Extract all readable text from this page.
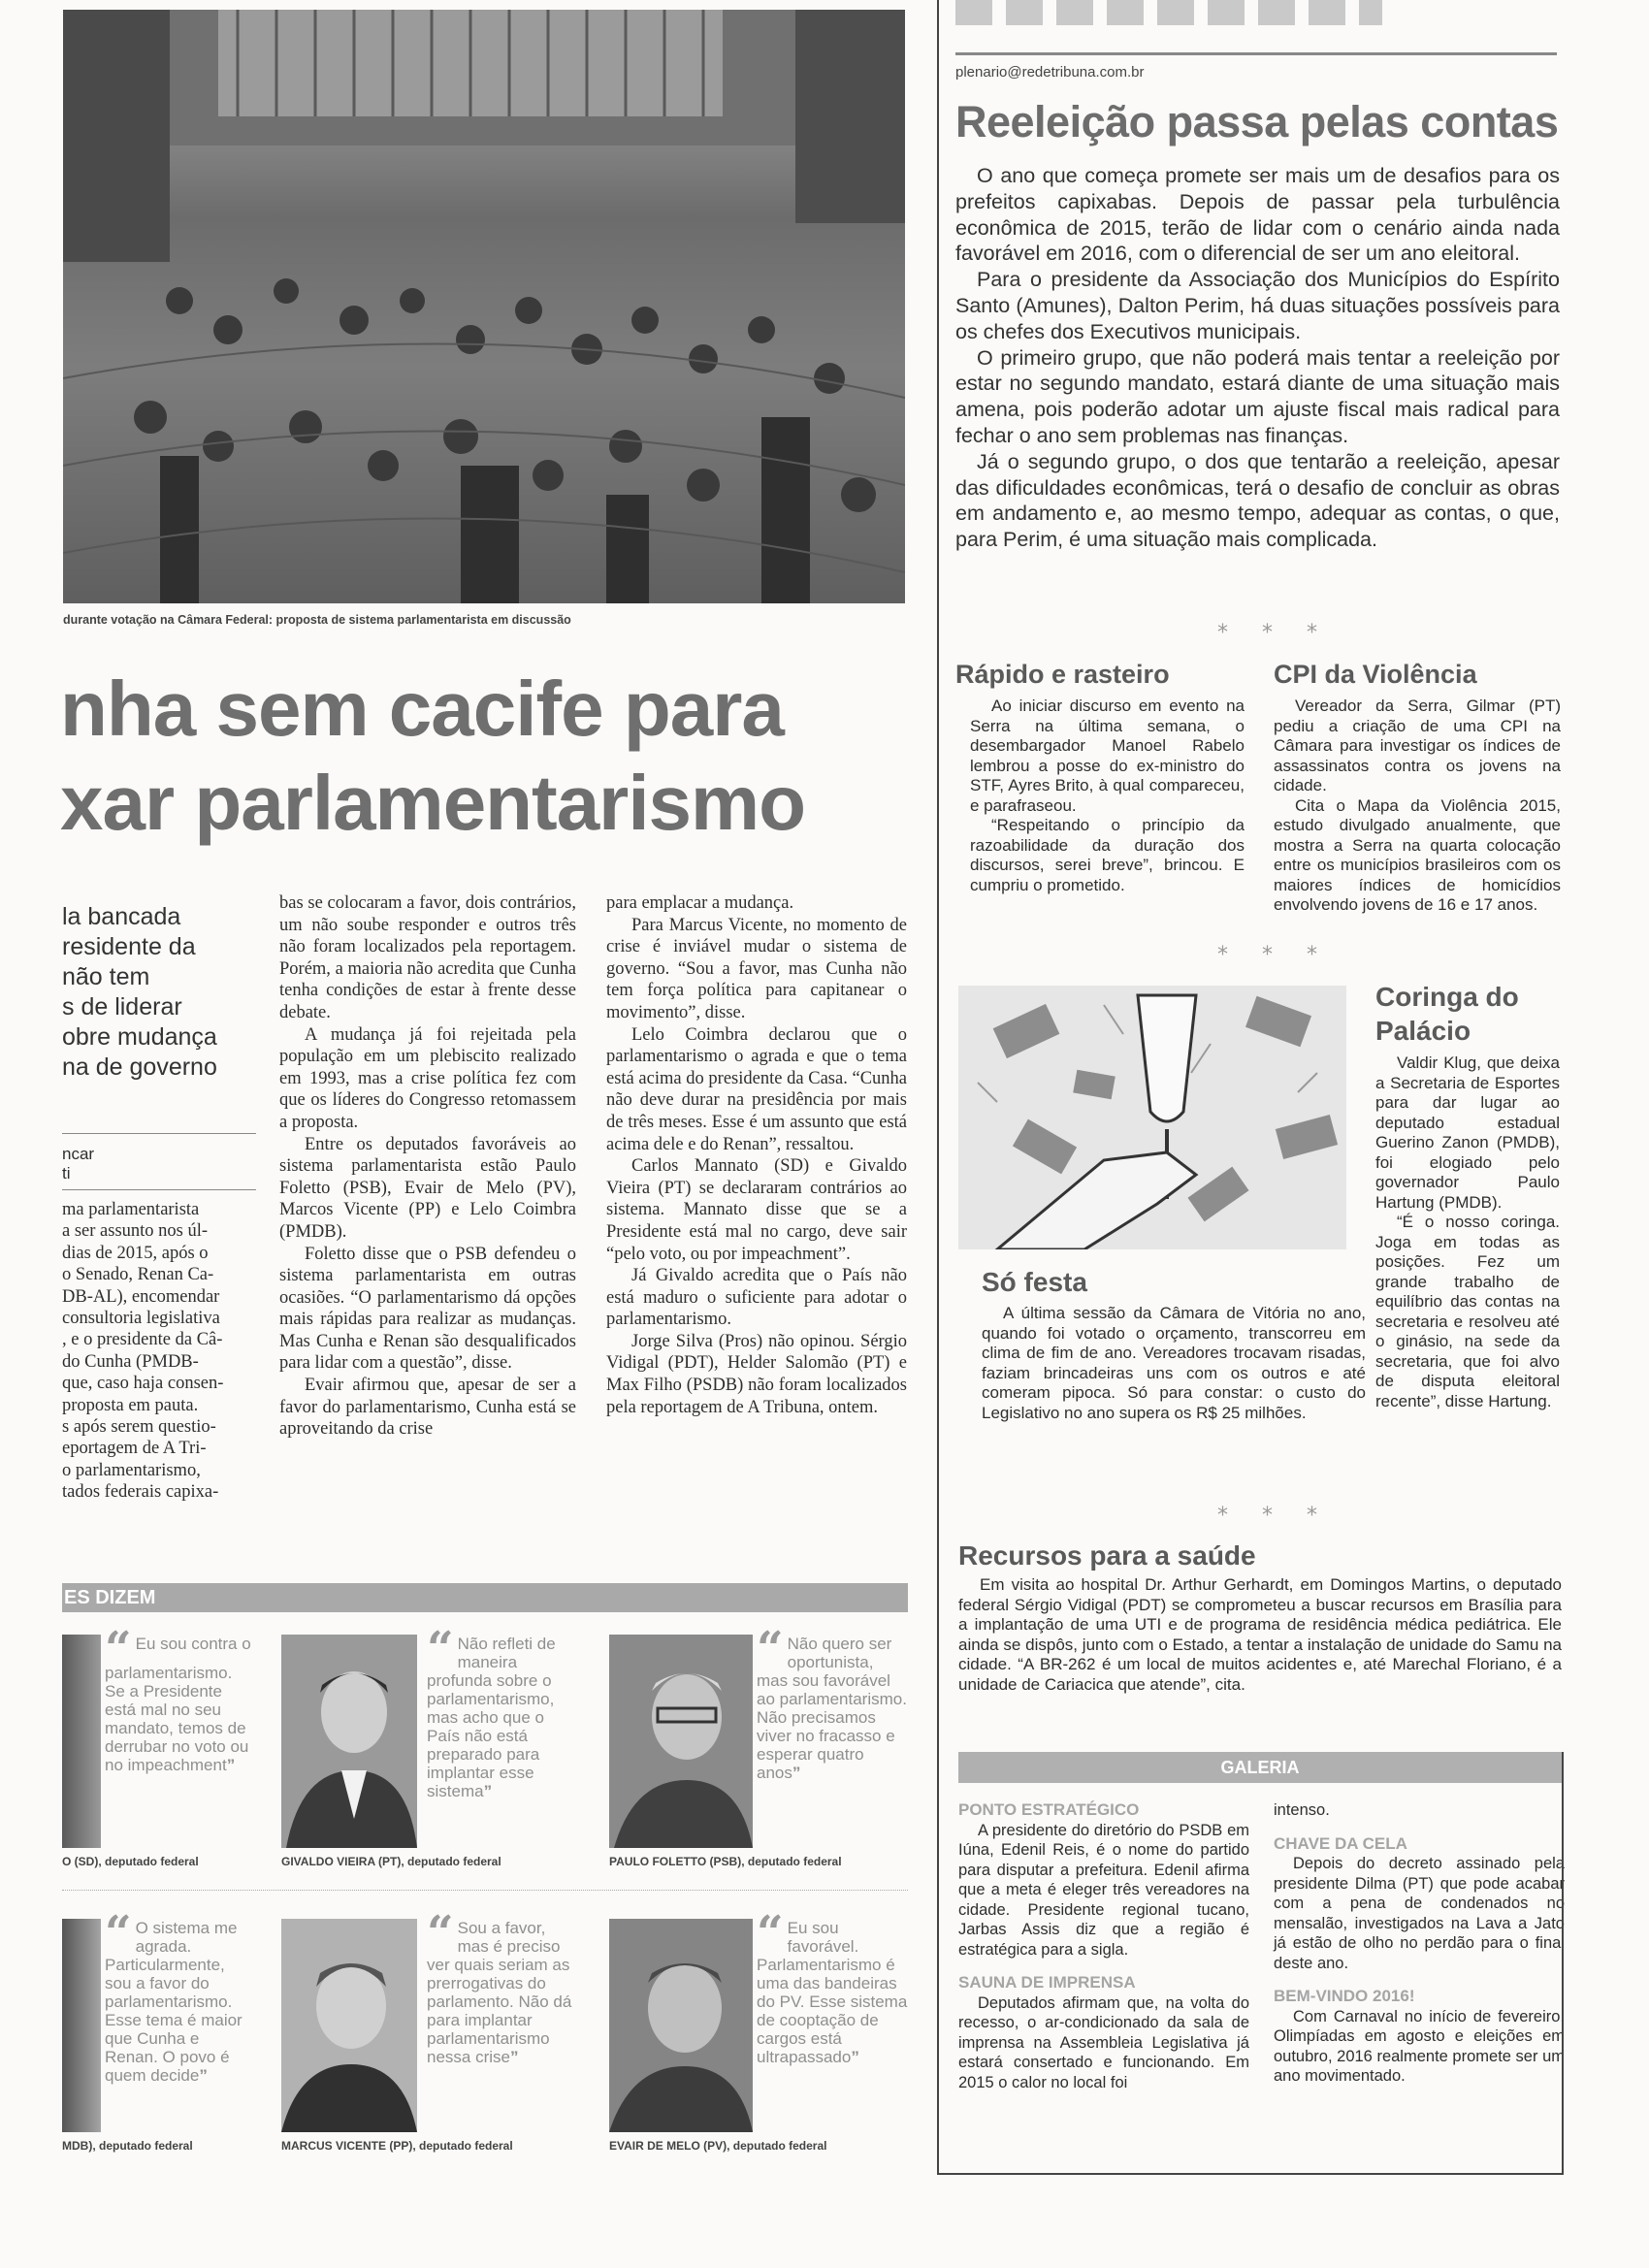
durante votação na Câmara Federal: proposta de sistema parlamentarista em discussão
nha sem cacife para
xar parlamentarismo
la bancada
residente da
não tem
s de liderar
obre mudança
na de governo
ncar
ti
ma parlamentarista
a ser assunto nos úl-
dias de 2015, após o
o Senado, Renan Ca-
DB-AL), encomendar
consultoria legislativa
, e o presidente da Câ-
do Cunha (PMDB-
que, caso haja consen-
proposta em pauta.
s após serem questio-
eportagem de A Tri-
o parlamentarismo,
tados federais capixa-

bas se colocaram a favor, dois contrários, um não soube responder e outros três não foram localizados pela reportagem. Porém, a maioria não acredita que Cunha tenha condições de estar à frente desse debate.

A mudança já foi rejeitada pela população em um plebiscito realizado em 1993, mas a crise política fez com que os líderes do Congresso retomassem a proposta.

Entre os deputados favoráveis ao sistema parlamentarista estão Paulo Foletto (PSB), Evair de Melo (PV), Marcos Vicente (PP) e Lelo Coimbra (PMDB).

Foletto disse que o PSB defendeu o sistema parlamentarista em outras ocasiões. “O parlamentarismo dá opções mais rápidas para realizar as mudanças. Mas Cunha e Renan são desqualificados para lidar com a questão”, disse.

Evair afirmou que, apesar de ser a favor do parlamentarismo, Cunha está se aproveitando da crise

para emplacar a mudança.

Para Marcus Vicente, no momento de crise é inviável mudar o sistema de governo. “Sou a favor, mas Cunha não tem força política para capitanear o movimento”, disse.

Lelo Coimbra declarou que o parlamentarismo o agrada e que o tema está acima do presidente da Casa. “Cunha não deve durar na presidência por mais de três meses. Esse é um assunto que está acima dele e do Renan”, ressaltou.

Carlos Mannato (SD) e Givaldo Vieira (PT) se declararam contrários ao sistema. Mannato disse que se a Presidente está mal no cargo, deve sair “pelo voto, ou por impeachment”.

Já Givaldo acredita que o País não está maduro o suficiente para adotar o parlamentarismo.

Jorge Silva (Pros) não opinou. Sérgio Vidigal (PDT), Helder Salomão (PT) e Max Filho (PSDB) não foram localizados pela reportagem de A Tribuna, ontem.

ES DIZEM
“ Eu sou contra o parlamentarismo. Se a Presidente está mal no seu mandato, temos de derrubar no voto ou no impeachment”
O (SD), deputado federal
“ Não refleti de maneira profunda sobre o parlamentarismo, mas acho que o País não está preparado para implantar esse sistema”
GIVALDO VIEIRA (PT), deputado federal
“ Não quero ser oportunista, mas sou favorável ao parlamentarismo. Não precisamos viver no fracasso e esperar quatro anos”
PAULO FOLETTO (PSB), deputado federal
“ O sistema me agrada. Particularmente, sou a favor do parlamentarismo. Esse tema é maior que Cunha e Renan. O povo é quem decide”
MDB), deputado federal
“ Sou a favor, mas é preciso ver quais seriam as prerrogativas do parlamento. Não dá para implantar parlamentarismo nessa crise”
MARCUS VICENTE (PP), deputado federal
“ Eu sou favorável. Parlamentarismo é uma das bandeiras do PV. Esse sistema de cooptação de cargos está ultrapassado”
EVAIR DE MELO (PV), deputado federal
plenario@redetribuna.com.br
Reeleição passa pelas contas

O ano que começa promete ser mais um de desafios para os prefeitos capixabas. Depois de passar pela turbulência econômica de 2015, terão de lidar com o cenário ainda nada favorável em 2016, com o diferencial de ser um ano eleitoral.

Para o presidente da Associação dos Municípios do Espírito Santo (Amunes), Dalton Perim, há duas situações possíveis para os chefes dos Executivos municipais.

O primeiro grupo, que não poderá mais tentar a reeleição por estar no segundo mandato, estará diante de uma situação mais amena, pois poderão adotar um ajuste fiscal mais radical para fechar o ano sem problemas nas finanças.

Já o segundo grupo, o dos que tentarão a reeleição, apesar das dificuldades econômicas, terá o desafio de concluir as obras em andamento e, ao mesmo tempo, adequar as contas, o que, para Perim, é uma situação mais complicada.

* * *
Rápido e rasteiro

Ao iniciar discurso em evento na Serra na última semana, o desembargador Manoel Rabelo lembrou a posse do ex-ministro do STF, Ayres Brito, à qual compareceu, e parafraseou.

“Respeitando o princípio da razoabilidade da duração dos discursos, serei breve”, brincou. E cumpriu o prometido.

CPI da Violência

Vereador da Serra, Gilmar (PT) pediu a criação de uma CPI na Câmara para investigar os índices de assassinatos contra os jovens na cidade.

Cita o Mapa da Violência 2015, estudo divulgado anualmente, que mostra a Serra na quarta colocação entre os municípios brasileiros com os maiores índices de homicídios envolvendo jovens de 16 e 17 anos.

* * *
Coringa do
Palácio

Valdir Klug, que deixa a Secretaria de Esportes para dar lugar ao deputado estadual Guerino Zanon (PMDB), foi elogiado pelo governador Paulo Hartung (PMDB).

“É o nosso coringa. Joga em todas as posições. Fez um grande trabalho de equilíbrio das contas na secretaria e resolveu até o ginásio, na sede da secretaria, que foi alvo de disputa eleitoral recente”, disse Hartung.

Só festa

A última sessão da Câmara de Vitória no ano, quando foi votado o orçamento, transcorreu em clima de fim de ano. Vereadores trocavam risadas, faziam brincadeiras uns com os outros e até comeram pipoca. Só para constar: o custo do Legislativo no ano supera os R$ 25 milhões.

* * *
Recursos para a saúde

Em visita ao hospital Dr. Arthur Gerhardt, em Domingos Martins, o deputado federal Sérgio Vidigal (PDT) se comprometeu a buscar recursos em Brasília para a implantação de uma UTI e de programa de residência médica pediátrica. Ele ainda se dispôs, junto com o Estado, a tentar a instalação de unidade do Samu na cidade. “A BR-262 é um local de muitos acidentes e, até Marechal Floriano, é a unidade de Cariacica que atende”, cita.

GALERIA
PONTO ESTRATÉGICO
A presidente do diretório do PSDB em Iúna, Edenil Reis, é o nome do partido para disputar a prefeitura. Edenil afirma que a meta é eleger três vereadores na cidade. Presidente regional tucano, Jarbas Assis diz que a região é estratégica para a sigla.
SAUNA DE IMPRENSA
Deputados afirmam que, na volta do recesso, o ar-condicionado da sala de imprensa na Assembleia Legislativa já estará consertado e funcionando. Em 2015 o calor no local foi
intenso.
CHAVE DA CELA
Depois do decreto assinado pela presidente Dilma (PT) que pode acabar com a pena de condenados no mensalão, investigados na Lava a Jato já estão de olho no perdão para o final deste ano.
BEM-VINDO 2016!
Com Carnaval no início de fevereiro, Olimpíadas em agosto e eleições em outubro, 2016 realmente promete ser um ano movimentado.
